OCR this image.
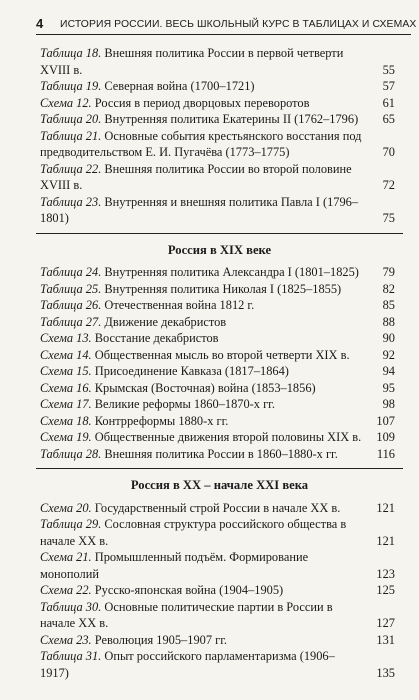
4 ИСТОРИЯ РОССИИ. ВЕСЬ ШКОЛЬНЫЙ КУРС В ТАБЛИЦАХ И СХЕМАХ
Таблица 18. Внешняя политика России в первой четверти XVIII в.	55
Таблица 19. Северная война (1700–1721)	57
Схема 12. Россия в период дворцовых переворотов	61
Таблица 20. Внутренняя политика Екатерины II (1762–1796)	65
Таблица 21. Основные события крестьянского восстания под предводительством Е. И. Пугачёва (1773–1775)	70
Таблица 22. Внешняя политика России во второй половине XVIII в.	72
Таблица 23. Внутренняя и внешняя политика Павла I (1796–1801)	75
Россия в XIX веке
Таблица 24. Внутренняя политика Александра I (1801–1825)	79
Таблица 25. Внутренняя политика Николая I (1825–1855)	82
Таблица 26. Отечественная война 1812 г.	85
Таблица 27. Движение декабристов	88
Схема 13. Восстание декабристов	90
Схема 14. Общественная мысль во второй четверти XIX в.	92
Схема 15. Присоединение Кавказа (1817–1864)	94
Схема 16. Крымская (Восточная) война (1853–1856)	95
Схема 17. Великие реформы 1860–1870-х гг.	98
Схема 18. Контрреформы 1880-х гг.	107
Схема 19. Общественные движения второй половины XIX в.	109
Таблица 28. Внешняя политика России в 1860–1880-х гг.	116
Россия в XX – начале XXI века
Схема 20. Государственный строй России в начале XX в.	121
Таблица 29. Сословная структура российского общества в начале XX в.	121
Схема 21. Промышленный подъём. Формирование монополий	123
Схема 22. Русско-японская война (1904–1905)	125
Таблица 30. Основные политические партии в России в начале XX в.	127
Схема 23. Революция 1905–1907 гг.	131
Таблица 31. Опыт российского парламентаризма (1906–1917)	135
